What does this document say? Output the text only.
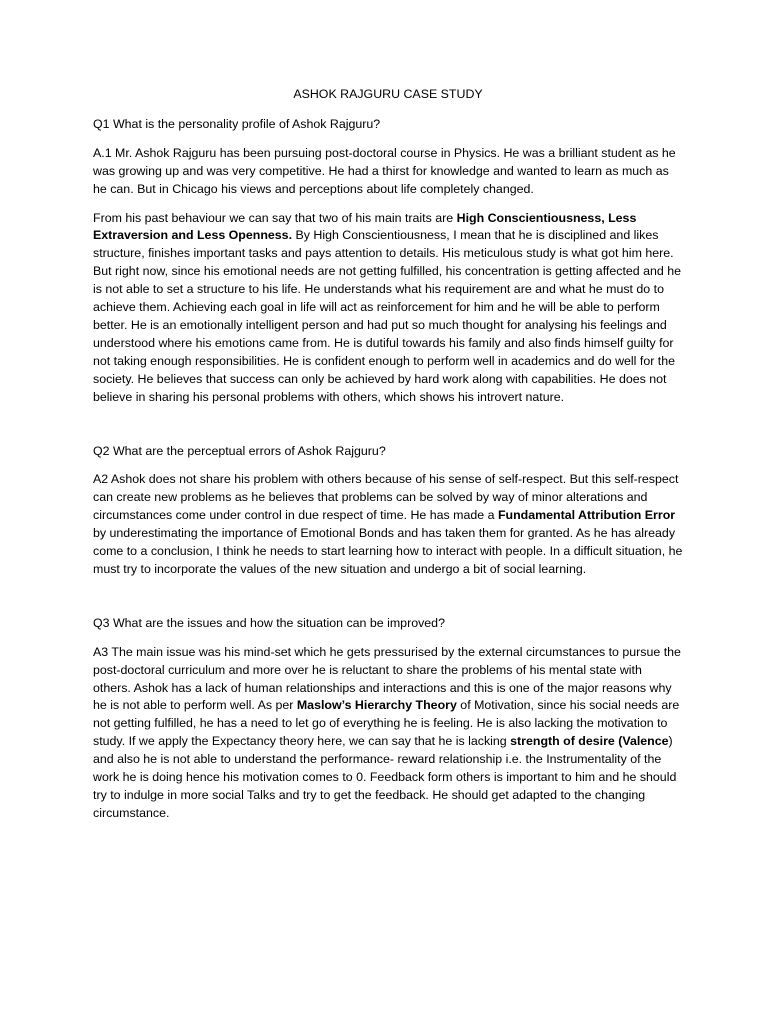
ASHOK RAJGURU CASE STUDY
Q1 What is the personality profile of Ashok Rajguru?
A.1 Mr. Ashok Rajguru has been pursuing post-doctoral course in Physics. He was a brilliant student as he was growing up and was very competitive. He had a thirst for knowledge and wanted to learn as much as he can. But in Chicago his views and perceptions about life completely changed.
From his past behaviour we can say that two of his main traits are High Conscientiousness, Less Extraversion and Less Openness. By High Conscientiousness, I mean that he is disciplined and likes structure, finishes important tasks and pays attention to details. His meticulous study is what got him here. But right now, since his emotional needs are not getting fulfilled, his concentration is getting affected and he is not able to set a structure to his life. He understands what his requirement are and what he must do to achieve them. Achieving each goal in life will act as reinforcement for him and he will be able to perform better. He is an emotionally intelligent person and had put so much thought for analysing his feelings and understood where his emotions came from. He is dutiful towards his family and also finds himself guilty for not taking enough responsibilities. He is confident enough to perform well in academics and do well for the society. He believes that success can only be achieved by hard work along with capabilities. He does not believe in sharing his personal problems with others, which shows his introvert nature.
Q2 What are the perceptual errors of Ashok Rajguru?
A2 Ashok does not share his problem with others because of his sense of self-respect. But this self-respect can create new problems as he believes that problems can be solved by way of minor alterations and circumstances come under control in due respect of time. He has made a Fundamental Attribution Error by underestimating the importance of Emotional Bonds and has taken them for granted. As he has already come to a conclusion, I think he needs to start learning how to interact with people. In a difficult situation, he must try to incorporate the values of the new situation and undergo a bit of social learning.
Q3 What are the issues and how the situation can be improved?
A3 The main issue was his mind-set which he gets pressurised by the external circumstances to pursue the post-doctoral curriculum and more over he is reluctant to share the problems of his mental state with others. Ashok has a lack of human relationships and interactions and this is one of the major reasons why he is not able to perform well. As per Maslow’s Hierarchy Theory of Motivation, since his social needs are not getting fulfilled, he has a need to let go of everything he is feeling. He is also lacking the motivation to study. If we apply the Expectancy theory here, we can say that he is lacking strength of desire (Valence) and also he is not able to understand the performance- reward relationship i.e. the Instrumentality of the work he is doing hence his motivation comes to 0. Feedback form others is important to him and he should try to indulge in more social Talks and try to get the feedback. He should get adapted to the changing circumstance.
